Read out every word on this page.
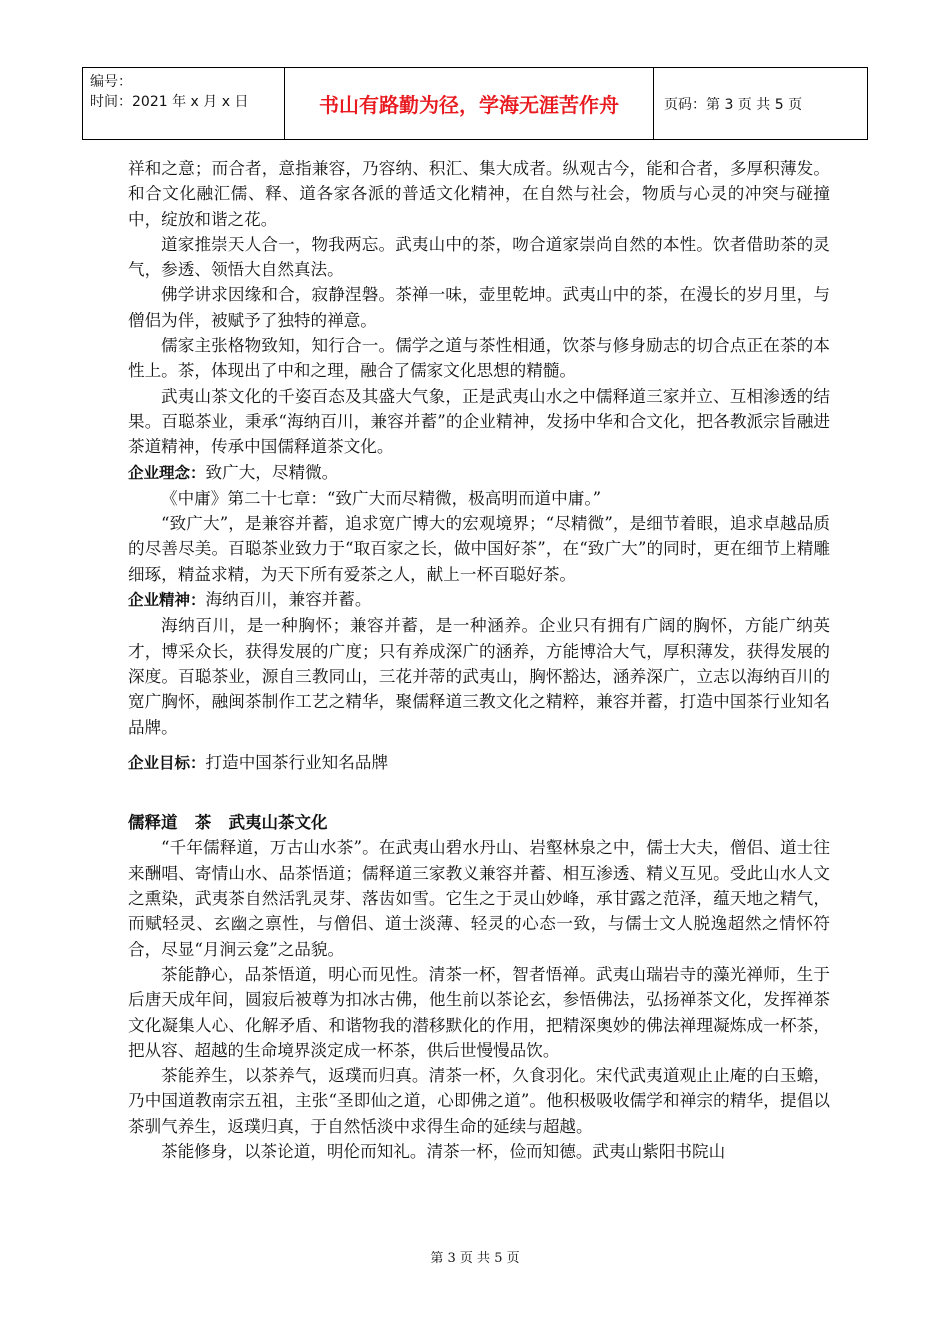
编号：
时间：2021 年 x 月 x 日	书山有路勤为径，学海无涯苦作舟	页码：第 3 页 共 5 页

祥和之意；而合者，意指兼容，乃容纳、积汇、集大成者。纵观古今，能和合者，多厚积薄发。和合文化融汇儒、释、道各家各派的普适文化精神，在自然与社会，物质与心灵的冲突与碰撞中，绽放和谐之花。

道家推崇天人合一，物我两忘。武夷山中的茶，吻合道家崇尚自然的本性。饮者借助茶的灵气，参透、领悟大自然真法。

佛学讲求因缘和合，寂静涅磐。茶禅一味，壶里乾坤。武夷山中的茶，在漫长的岁月里，与僧侣为伴，被赋予了独特的禅意。

儒家主张格物致知，知行合一。儒学之道与茶性相通，饮茶与修身励志的切合点正在茶的本性上。茶，体现出了中和之理，融合了儒家文化思想的精髓。

武夷山茶文化的千姿百态及其盛大气象，正是武夷山水之中儒释道三家并立、互相渗透的结果。百聪茶业，秉承“海纳百川，兼容并蓄”的企业精神，发扬中华和合文化，把各教派宗旨融进茶道精神，传承中国儒释道茶文化。

企业理念：致广大，尽精微。

《中庸》第二十七章：“致广大而尽精微，极高明而道中庸。”

“致广大”，是兼容并蓄，追求宽广博大的宏观境界；“尽精微”，是细节着眼，追求卓越品质的尽善尽美。百聪茶业致力于“取百家之长，做中国好茶”，在“致广大”的同时，更在细节上精雕细琢，精益求精，为天下所有爱茶之人，献上一杯百聪好茶。

企业精神：海纳百川，兼容并蓄。

海纳百川，是一种胸怀；兼容并蓄，是一种涵养。企业只有拥有广阔的胸怀，方能广纳英才，博采众长，获得发展的广度；只有养成深广的涵养，方能博洽大气，厚积薄发，获得发展的深度。百聪茶业，源自三教同山，三花并蒂的武夷山，胸怀豁达，涵养深广，立志以海纳百川的宽广胸怀，融闽茶制作工艺之精华，聚儒释道三教文化之精粹，兼容并蓄，打造中国茶行业知名品牌。

企业目标：打造中国茶行业知名品牌

儒释道   茶   武夷山茶文化

“千年儒释道，万古山水茶”。在武夷山碧水丹山、岩壑林泉之中，儒士大夫，僧侣、道士往来酬唱、寄情山水、品茶悟道；儒释道三家教义兼容并蓄、相互渗透、精义互见。受此山水人文之熏染，武夷茶自然活乳灵芽、落齿如雪。它生之于灵山妙峰，承甘露之范泽，蕴天地之精气，而赋轻灵、玄幽之禀性，与僧侣、道士淡薄、轻灵的心态一致，与儒士文人脱逸超然之情怀符合，尽显“月涧云龛”之品貌。

茶能静心，品茶悟道，明心而见性。清茶一杯，智者悟禅。武夷山瑞岩寺的藻光禅师，生于后唐天成年间，圆寂后被尊为扣冰古佛，他生前以茶论玄，参悟佛法，弘扬禅茶文化，发挥禅茶文化凝集人心、化解矛盾、和谐物我的潜移默化的作用，把精深奥妙的佛法禅理凝炼成一杯茶，把从容、超越的生命境界淡定成一杯茶，供后世慢慢品饮。

茶能养生，以茶养气，返璞而归真。清茶一杯，久食羽化。宋代武夷道观止止庵的白玉蟾，乃中国道教南宗五祖，主张“圣即仙之道，心即佛之道”。他积极吸收儒学和禅宗的精华，提倡以茶驯气养生，返璞归真，于自然恬淡中求得生命的延续与超越。

茶能修身，以茶论道，明伦而知礼。清茶一杯，俭而知德。武夷山紫阳书院山

第 3 页 共 5 页
